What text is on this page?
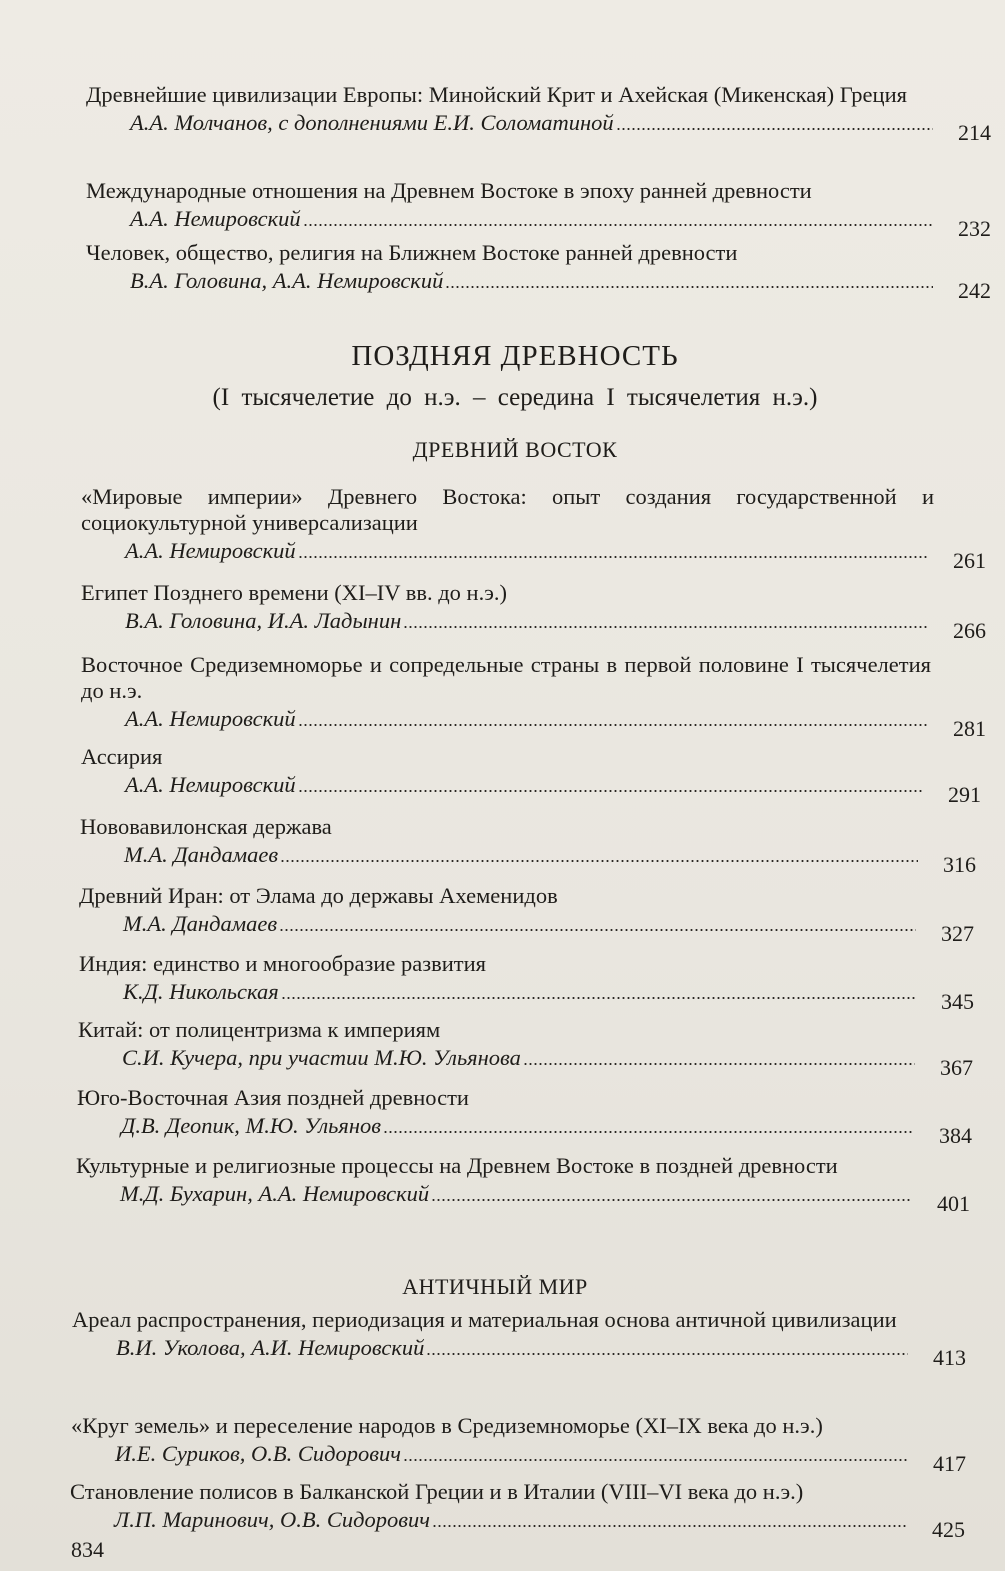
Древнейшие цивилизации Европы: Минойский Крит и Ахейская (Микенская) Греция
А.А. Молчанов, с дополнениями Е.И. Соломатиной	214
Международные отношения на Древнем Востоке в эпоху ранней древности
А.А. Немировский	232
Человек, общество, религия на Ближнем Востоке ранней древности
В.А. Головина, А.А. Немировский	242
ПОЗДНЯЯ ДРЕВНОСТЬ
(I тысячелетие до н.э. – середина I тысячелетия н.э.)
ДРЕВНИЙ ВОСТОК
«Мировые империи» Древнего Востока: опыт создания государственной и социокультурной универсализации
А.А. Немировский	261
Египет Позднего времени (XI–IV вв. до н.э.)
В.А. Головина, И.А. Ладынин	266
Восточное Средиземноморье и сопредельные страны в первой половине I тысячелетия до н.э.
А.А. Немировский	281
Ассирия
А.А. Немировский	291
Нововавилонская держава
М.А. Дандамаев	316
Древний Иран: от Элама до державы Ахеменидов
М.А. Дандамаев	327
Индия: единство и многообразие развития
К.Д. Никольская	345
Китай: от полицентризма к империям
С.И. Кучера, при участии М.Ю. Ульянова	367
Юго-Восточная Азия поздней древности
Д.В. Деопик, М.Ю. Ульянов	384
Культурные и религиозные процессы на Древнем Востоке в поздней древности
М.Д. Бухарин, А.А. Немировский	401
АНТИЧНЫЙ МИР
Ареал распространения, периодизация и материальная основа античной цивилизации
В.И. Уколова, А.И. Немировский	413
«Круг земель» и переселение народов в Средиземноморье (XI–IX века до н.э.)
И.Е. Суриков, О.В. Сидорович	417
Становление полисов в Балканской Греции и в Италии (VIII–VI века до н.э.)
Л.П. Маринович, О.В. Сидорович	425
834
